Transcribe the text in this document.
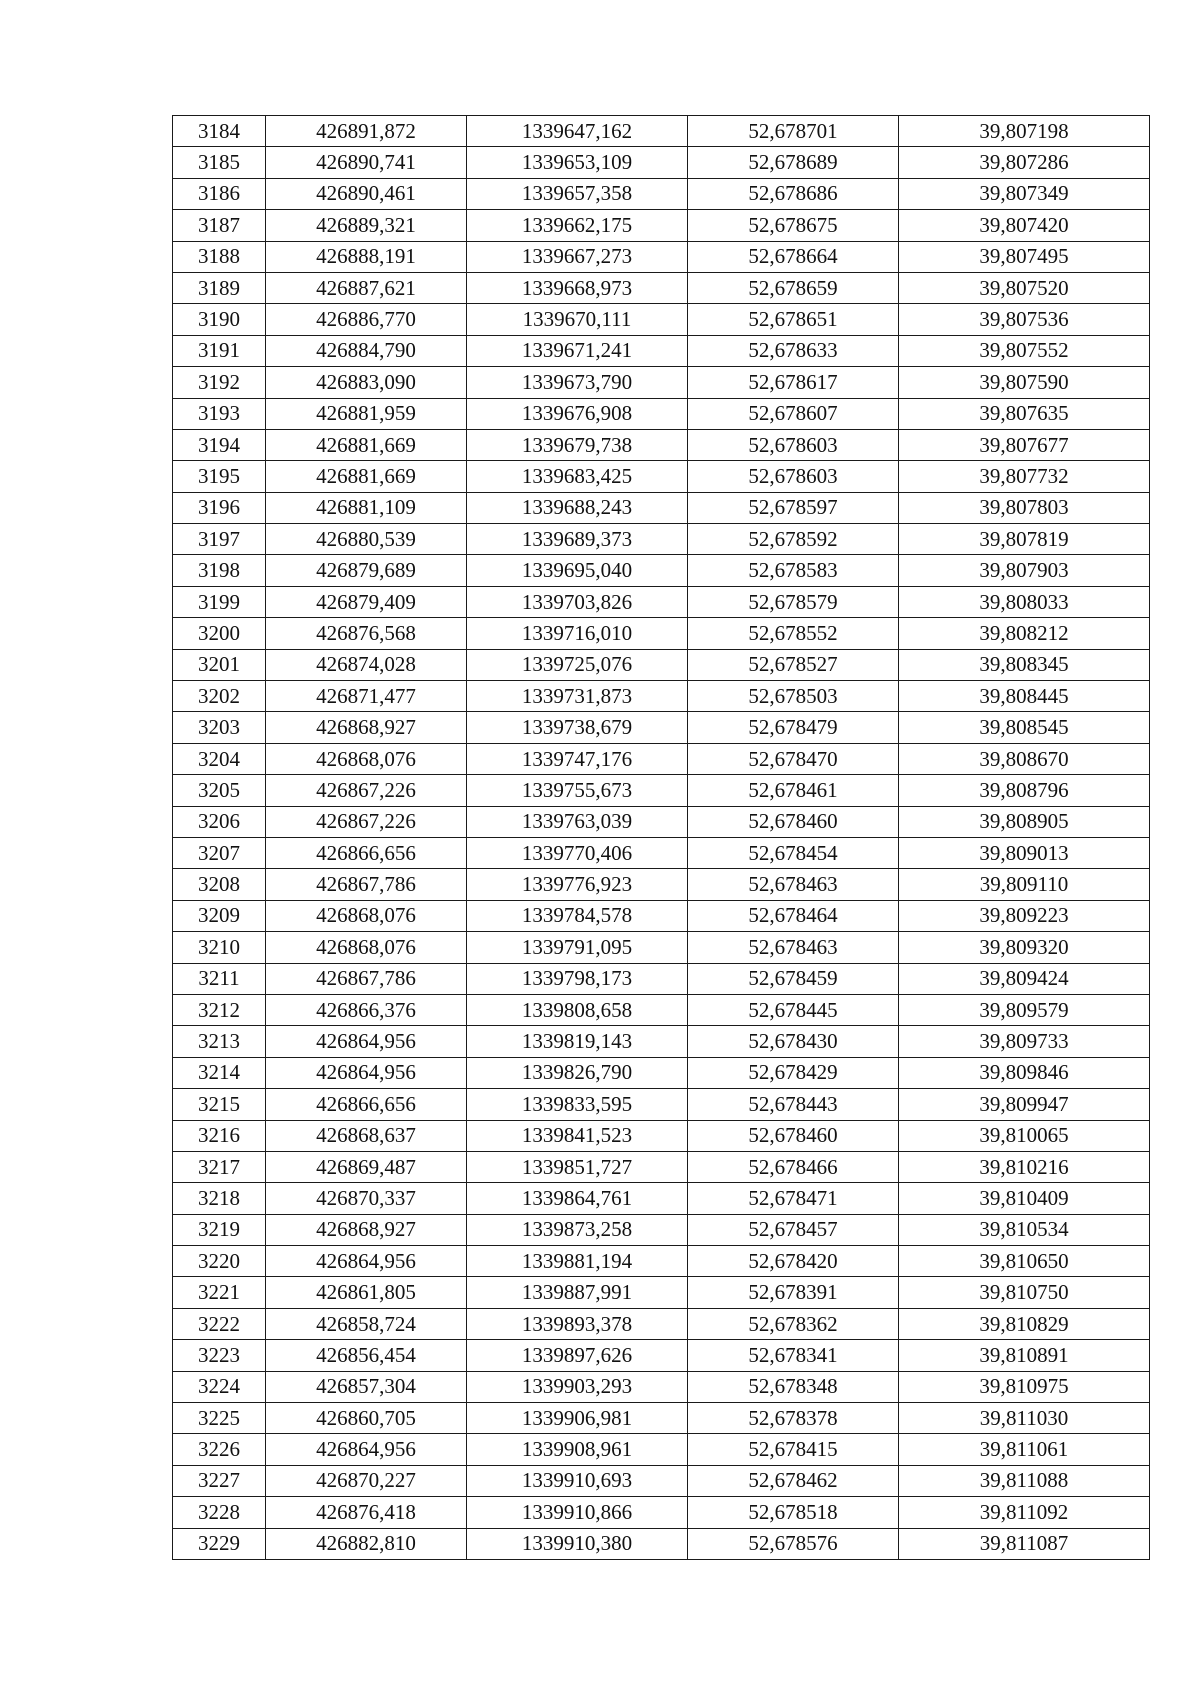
3184	426891,872	1339647,162	52,678701	39,807198
3185	426890,741	1339653,109	52,678689	39,807286
3186	426890,461	1339657,358	52,678686	39,807349
3187	426889,321	1339662,175	52,678675	39,807420
3188	426888,191	1339667,273	52,678664	39,807495
3189	426887,621	1339668,973	52,678659	39,807520
3190	426886,770	1339670,111	52,678651	39,807536
3191	426884,790	1339671,241	52,678633	39,807552
3192	426883,090	1339673,790	52,678617	39,807590
3193	426881,959	1339676,908	52,678607	39,807635
3194	426881,669	1339679,738	52,678603	39,807677
3195	426881,669	1339683,425	52,678603	39,807732
3196	426881,109	1339688,243	52,678597	39,807803
3197	426880,539	1339689,373	52,678592	39,807819
3198	426879,689	1339695,040	52,678583	39,807903
3199	426879,409	1339703,826	52,678579	39,808033
3200	426876,568	1339716,010	52,678552	39,808212
3201	426874,028	1339725,076	52,678527	39,808345
3202	426871,477	1339731,873	52,678503	39,808445
3203	426868,927	1339738,679	52,678479	39,808545
3204	426868,076	1339747,176	52,678470	39,808670
3205	426867,226	1339755,673	52,678461	39,808796
3206	426867,226	1339763,039	52,678460	39,808905
3207	426866,656	1339770,406	52,678454	39,809013
3208	426867,786	1339776,923	52,678463	39,809110
3209	426868,076	1339784,578	52,678464	39,809223
3210	426868,076	1339791,095	52,678463	39,809320
3211	426867,786	1339798,173	52,678459	39,809424
3212	426866,376	1339808,658	52,678445	39,809579
3213	426864,956	1339819,143	52,678430	39,809733
3214	426864,956	1339826,790	52,678429	39,809846
3215	426866,656	1339833,595	52,678443	39,809947
3216	426868,637	1339841,523	52,678460	39,810065
3217	426869,487	1339851,727	52,678466	39,810216
3218	426870,337	1339864,761	52,678471	39,810409
3219	426868,927	1339873,258	52,678457	39,810534
3220	426864,956	1339881,194	52,678420	39,810650
3221	426861,805	1339887,991	52,678391	39,810750
3222	426858,724	1339893,378	52,678362	39,810829
3223	426856,454	1339897,626	52,678341	39,810891
3224	426857,304	1339903,293	52,678348	39,810975
3225	426860,705	1339906,981	52,678378	39,811030
3226	426864,956	1339908,961	52,678415	39,811061
3227	426870,227	1339910,693	52,678462	39,811088
3228	426876,418	1339910,866	52,678518	39,811092
3229	426882,810	1339910,380	52,678576	39,811087
